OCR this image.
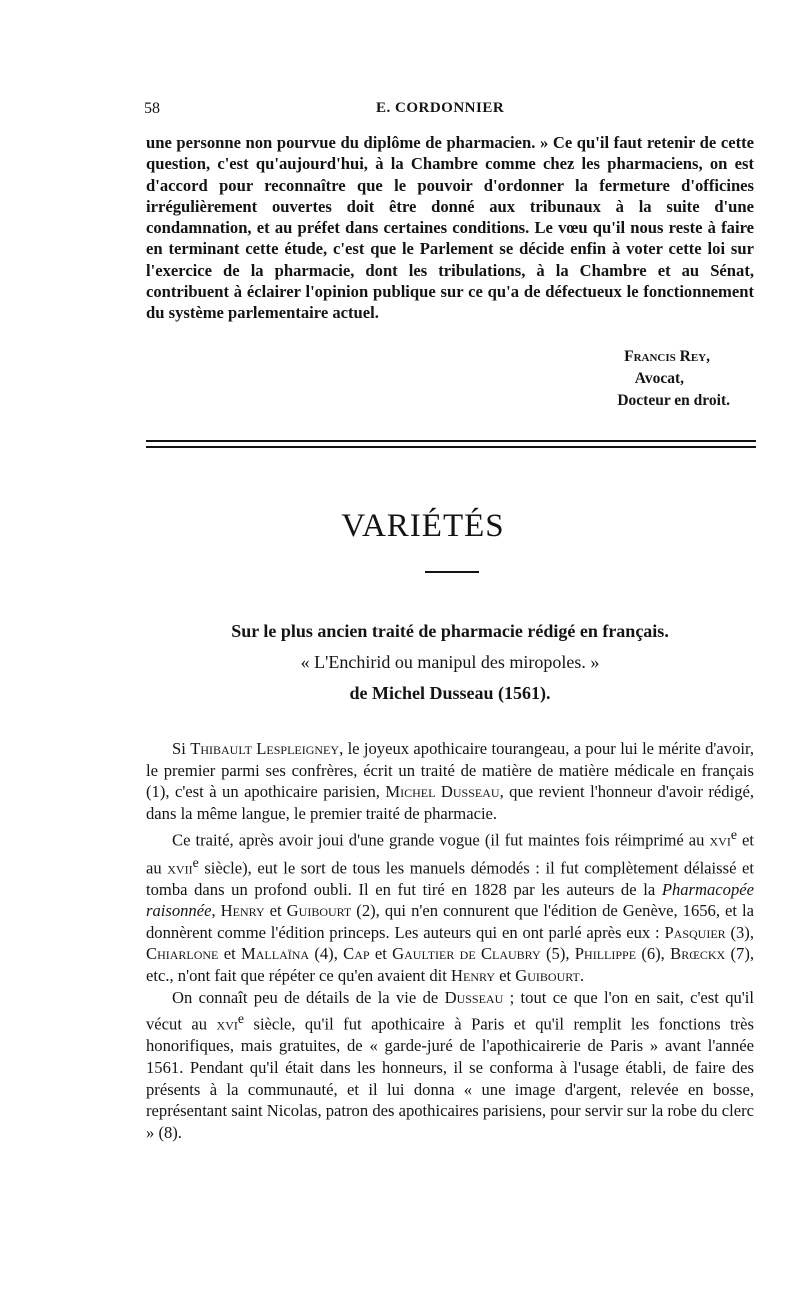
58	E. CORDONNIER
une personne non pourvue du diplôme de pharmacien. » Ce qu'il faut retenir de cette question, c'est qu'aujourd'hui, à la Chambre comme chez les pharmaciens, on est d'accord pour reconnaître que le pouvoir d'ordonner la fermeture d'officines irrégulièrement ouvertes doit être donné aux tribunaux à la suite d'une condamnation, et au préfet dans certaines conditions. Le vœu qu'il nous reste à faire en terminant cette étude, c'est que le Parlement se décide enfin à voter cette loi sur l'exercice de la pharmacie, dont les tribulations, à la Chambre et au Sénat, contribuent à éclairer l'opinion publique sur ce qu'a de défectueux le fonctionnement du système parlementaire actuel.
Francis Rey,
Avocat,
Docteur en droit.
VARIÉTÉS
Sur le plus ancien traité de pharmacie rédigé en français.
« L'Enchirid ou manipul des miropoles. »
de Michel Dusseau (1561).

Si Thibault Lespleigney, le joyeux apothicaire tourangeau, a pour lui le mérite d'avoir, le premier parmi ses confrères, écrit un traité de matière de matière médicale en français (1), c'est à un apothicaire parisien, Michel Dusseau, que revient l'honneur d'avoir rédigé, dans la même langue, le premier traité de pharmacie.

Ce traité, après avoir joui d'une grande vogue (il fut maintes fois réimprimé au xvi$^e$ et au xvii$^e$ siècle), eut le sort de tous les manuels démodés : il fut complètement délaissé et tomba dans un profond oubli. Il en fut tiré en 1828 par les auteurs de la Pharmacopée raisonnée, Henry et Guibourt (2), qui n'en connurent que l'édition de Genève, 1656, et la donnèrent comme l'édition princeps. Les auteurs qui en ont parlé après eux : Pasquier (3), Chiarlone et Mallaïna (4), Cap et Gaultier de Claubry (5), Phillippe (6), Brœckx (7), etc., n'ont fait que répéter ce qu'en avaient dit Henry et Guibourt.

On connaît peu de détails de la vie de Dusseau ; tout ce que l'on en sait, c'est qu'il vécut au xvi$^e$ siècle, qu'il fut apothicaire à Paris et qu'il remplit les fonctions très honorifiques, mais gratuites, de « garde-juré de l'apothicairerie de Paris » avant l'année 1561. Pendant qu'il était dans les honneurs, il se conforma à l'usage établi, de faire des présents à la communauté, et il lui donna « une image d'argent, relevée en bosse, représentant saint Nicolas, patron des apothicaires parisiens, pour servir sur la robe du clerc » (8).
